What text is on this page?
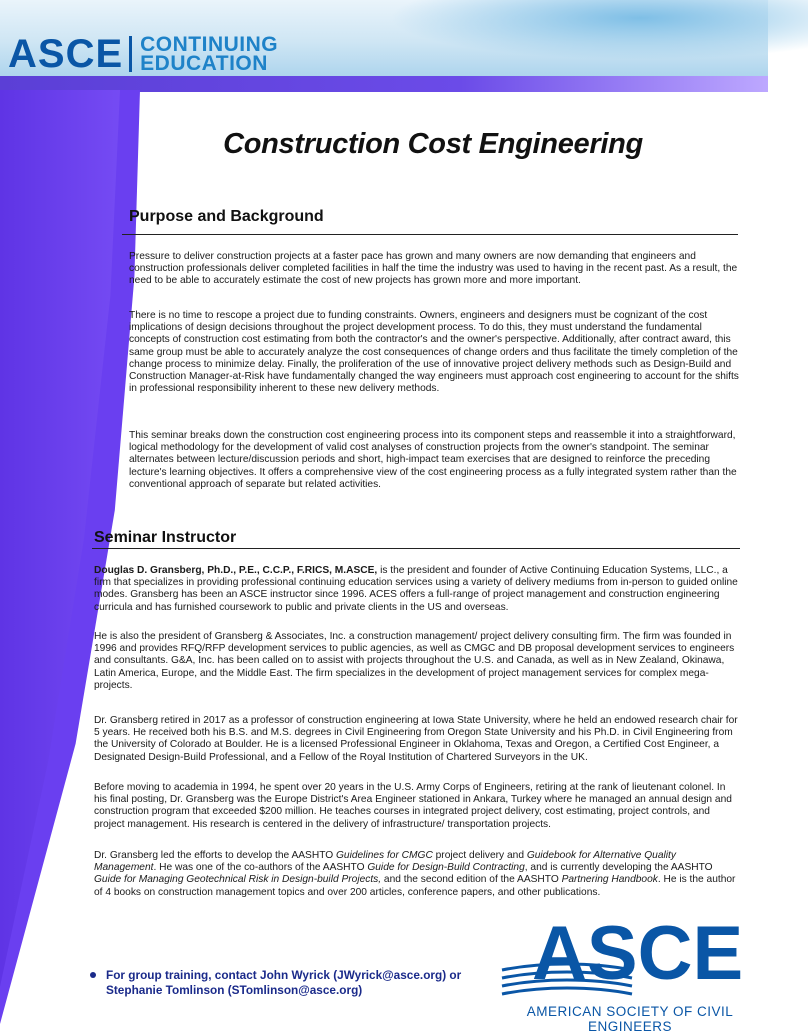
ASCE CONTINUING
EDUCATION
Construction Cost Engineering
Purpose and Background

Pressure to deliver construction projects at a faster pace has grown and many owners are now demanding that engineers and construction professionals deliver completed facilities in half the time the industry was used to having in the recent past. As a result, the need to be able to accurately estimate the cost of new projects has grown more and more important.

There is no time to rescope a project due to funding constraints. Owners, engineers and designers must be cognizant of the cost implications of design decisions throughout the project development process. To do this, they must understand the fundamental concepts of construction cost estimating from both the contractor's and the owner's perspective. Additionally, after contract award, this same group must be able to accurately analyze the cost consequences of change orders and thus facilitate the timely completion of the change process to minimize delay. Finally, the proliferation of the use of innovative project delivery methods such as Design-Build and Construction Manager-at-Risk have fundamentally changed the way engineers must approach cost engineering to account for the shifts in professional responsibility inherent to these new delivery methods.

This seminar breaks down the construction cost engineering process into its component steps and reassemble it into a straightforward, logical methodology for the development of valid cost analyses of construction projects from the owner's standpoint. The seminar alternates between lecture/discussion periods and short, high-impact team exercises that are designed to reinforce the preceding lecture's learning objectives. It offers a comprehensive view of the cost engineering process as a fully integrated system rather than the conventional approach of separate but related activities.

Seminar Instructor

Douglas D. Gransberg, Ph.D., P.E., C.C.P., F.RICS, M.ASCE, is the president and founder of Active Continuing Education Systems, LLC., a firm that specializes in providing professional continuing education services using a variety of delivery mediums from in-person to guided online modes. Gransberg has been an ASCE instructor since 1996. ACES offers a full-range of project management and construction engineering curricula and has furnished coursework to public and private clients in the US and overseas.

He is also the president of Gransberg & Associates, Inc. a construction management/ project delivery consulting firm. The firm was founded in 1996 and provides RFQ/RFP development services to public agencies, as well as CMGC and DB proposal development services to engineers and consultants. G&A, Inc. has been called on to assist with projects throughout the U.S. and Canada, as well as in New Zealand, Okinawa, Latin America, Europe, and the Middle East. The firm specializes in the development of project management services for complex mega-projects.

Dr. Gransberg retired in 2017 as a professor of construction engineering at Iowa State University, where he held an endowed research chair for 5 years. He received both his B.S. and M.S. degrees in Civil Engineering from Oregon State University and his Ph.D. in Civil Engineering from the University of Colorado at Boulder. He is a licensed Professional Engineer in Oklahoma, Texas and Oregon, a Certified Cost Engineer, a Designated Design-Build Professional, and a Fellow of the Royal Institution of Chartered Surveyors in the UK.

Before moving to academia in 1994, he spent over 20 years in the U.S. Army Corps of Engineers, retiring at the rank of lieutenant colonel. In his final posting, Dr. Gransberg was the Europe District's Area Engineer stationed in Ankara, Turkey where he managed an annual design and construction program that exceeded $200 million. He teaches courses in integrated project delivery, cost estimating, project controls, and project management. His research is centered in the delivery of infrastructure/ transportation projects.

Dr. Gransberg led the efforts to develop the AASHTO Guidelines for CMGC project delivery and Guidebook for Alternative Quality Management. He was one of the co-authors of the AASHTO Guide for Design-Build Contracting, and is currently developing the AASHTO Guide for Managing Geotechnical Risk in Design-build Projects, and the second edition of the AASHTO Partnering Handbook. He is the author of 4 books on construction management topics and over 200 articles, conference papers, and other publications.

For group training, contact John Wyrick (JWyrick@asce.org) or
Stephanie Tomlinson (STomlinson@asce.org)	ASCE
AMERICAN SOCIETY OF CIVIL ENGINEERS
